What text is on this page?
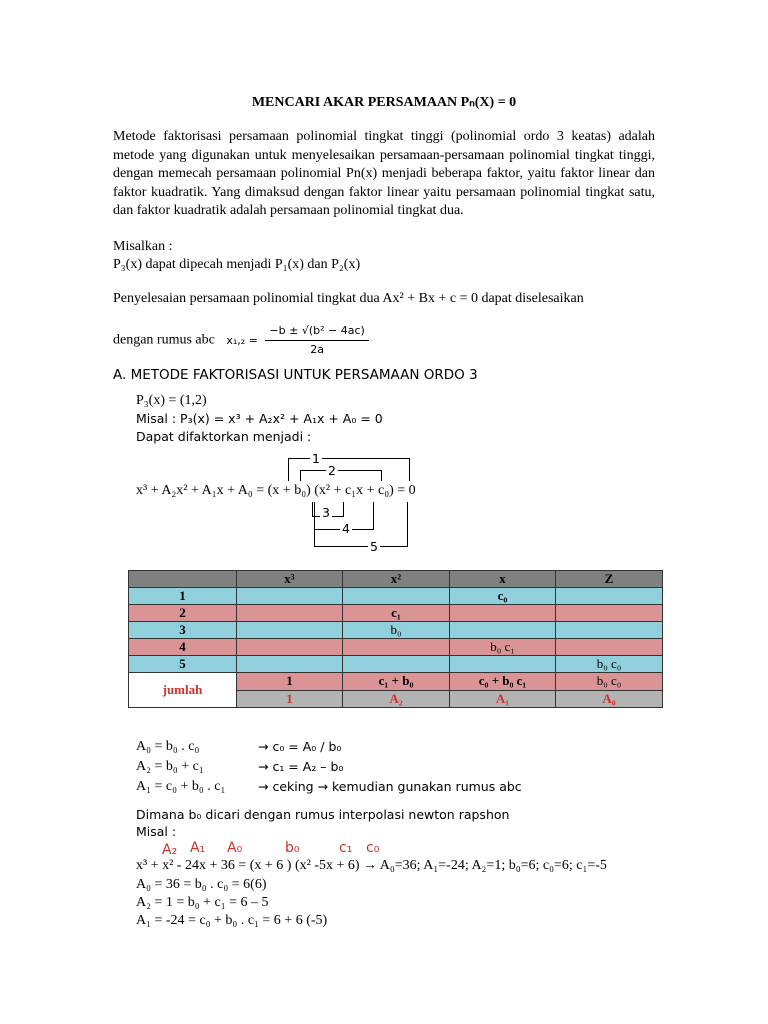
MENCARI AKAR PERSAMAAN Pₙ(X) = 0
Metode faktorisasi persamaan polinomial tingkat tinggi (polinomial ordo 3 keatas) adalah metode yang digunakan untuk menyelesaikan persamaan-persamaan polinomial tingkat tinggi, dengan memecah persamaan polinomial Pn(x) menjadi beberapa faktor, yaitu faktor linear dan faktor kuadratik. Yang dimaksud dengan faktor linear yaitu persamaan polinomial tingkat satu, dan faktor kuadratik adalah persamaan polinomial tingkat dua.
Misalkan :
P₃(x) dapat dipecah menjadi P₁(x) dan P₂(x)
Penyelesaian persamaan polinomial tingkat dua Ax² + Bx + c = 0 dapat diselesaikan
dengan rumus abc $x_1,_2 = \frac{\text{−b ± √(b² − 4ac)}}{2a}$
A. METODE FAKTORISASI UNTUK PERSAMAAN ORDO 3
P₃(x) = (1,2)
Misal : P₃(x) = x³ + A₂x² + A₁x + A₀ = 0
Dapat difaktorkan menjadi :
1
2
x³ + A₂x² + A₁x + A₀ = (x + b₀) (x² + c₁x + c₀) = 0
3
4
5
	x³	x²	x	Z
1			c₀	
2		c₁		
3		b₀		
4			b₀ c₁	
5				b₀ c₀
jumlah	1	c₁ + b₀	c₀ + b₀ c₁	b₀ c₀
	1	A₂	A₁	A₀
A₀ = b₀ . c₀	→ c₀ = A₀ / b₀
A₂ = b₀ + c₁	→ c₁ = A₂ – b₀
A₁ = c₀ + b₀ . c₁	→ ceking → kemudian gunakan rumus abc
Dimana b₀ dicari dengan rumus interpolasi newton rapshon
Misal :
A₂ A₁ A₀	b₀	c₁ c₀
x³ + x² - 24x + 36 = (x + 6 ) (x² -5x + 6) → A₀=36; A₁=-24; A₂=1; b₀=6; c₀=6; c₁=-5
A₀ = 36 = b₀ . c₀ = 6(6)
A₂ = 1 = b₀ + c₁ = 6 – 5
A₁ = -24 = c₀ + b₀ . c₁ = 6 + 6 (-5)
